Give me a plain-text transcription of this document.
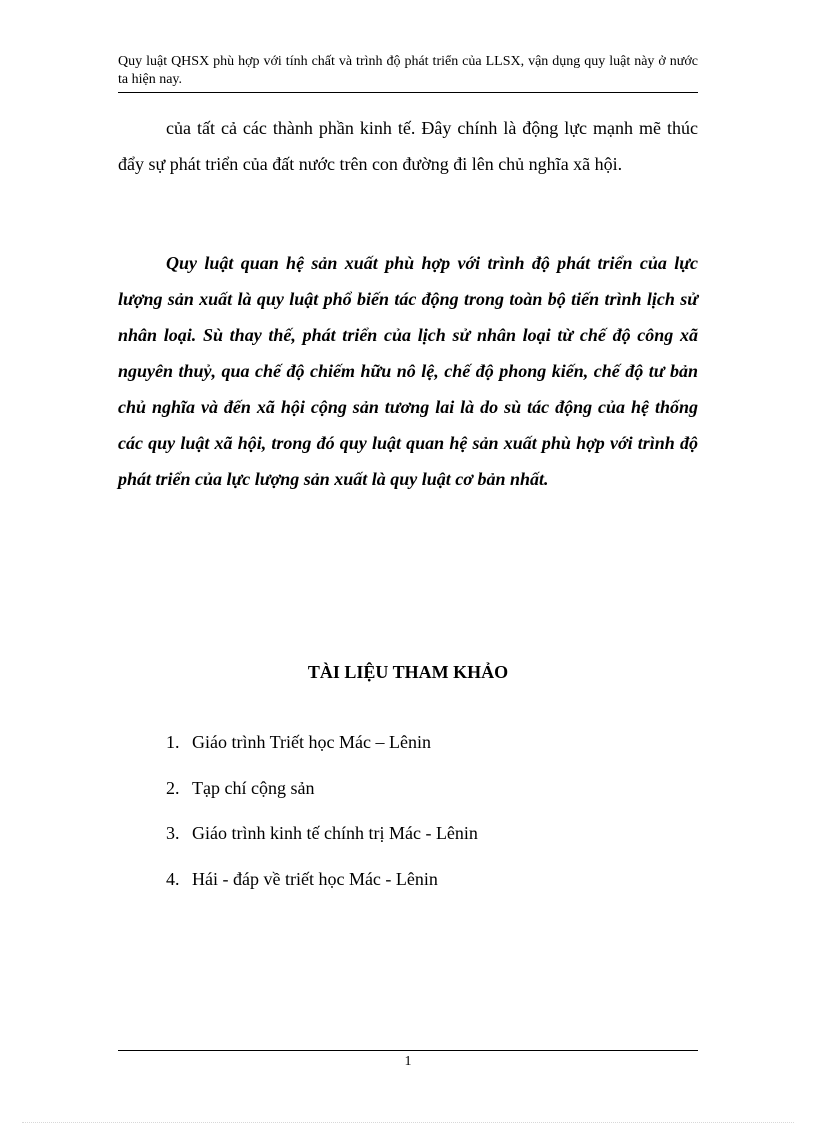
Quy luật QHSX phù hợp với tính chất và trình độ phát triển của LLSX, vận dụng quy luật này ở nước ta hiện nay.

của tất cả các thành phần kinh tế. Đây chính là động lực mạnh mẽ thúc đẩy sự phát triển của đất nước trên con đường đi lên chủ nghĩa xã hội.

Quy luật quan hệ sản xuất phù hợp với trình độ phát triển của lực lượng sản xuất là quy luật phổ biến tác động trong toàn bộ tiến trình lịch sử nhân loại. Sù thay thế, phát triển của lịch sử nhân loại từ chế độ công xã nguyên thuỷ, qua chế độ chiếm hữu nô lệ, chế độ phong kiến, chế độ tư bản chủ nghĩa và đến xã hội cộng sản tương lai là do sù tác động của hệ thống các quy luật xã hội, trong đó quy luật quan hệ sản xuất phù hợp với trình độ phát triển của lực lượng sản xuất là quy luật cơ bản nhất.

TÀI LIỆU THAM KHẢO
1. Giáo trình Triết học Mác – Lênin
2. Tạp chí cộng sản
3. Giáo trình kinh tế chính trị Mác - Lênin
4. Hái - đáp về triết học Mác - Lênin
1
